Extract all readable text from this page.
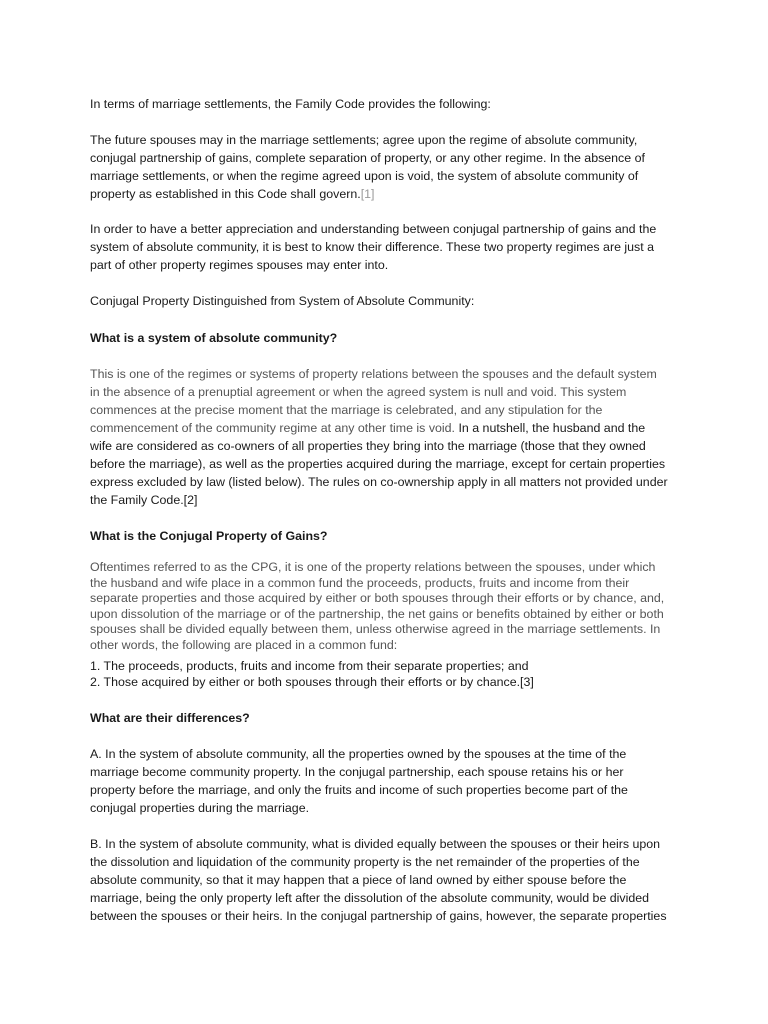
In terms of marriage settlements, the Family Code provides the following:

The future spouses may in the marriage settlements; agree upon the regime of absolute community,
conjugal partnership of gains, complete separation of property, or any other regime. In the absence of
marriage settlements, or when the regime agreed upon is void, the system of absolute community of
property as established in this Code shall govern.[1]

In order to have a better appreciation and understanding between conjugal partnership of gains and the
system of absolute community, it is best to know their difference. These two property regimes are just a
part of other property regimes spouses may enter into.

Conjugal Property Distinguished from System of Absolute Community:

What is a system of absolute community?

This is one of the regimes or systems of property relations between the spouses and the default system
in the absence of a prenuptial agreement or when the agreed system is null and void. This system
commences at the precise moment that the marriage is celebrated, and any stipulation for the
commencement of the community regime at any other time is void. In a nutshell, the husband and the
wife are considered as co-owners of all properties they bring into the marriage (those that they owned
before the marriage), as well as the properties acquired during the marriage, except for certain properties
express excluded by law (listed below). The rules on co-ownership apply in all matters not provided under
the Family Code.[2]

What is the Conjugal Property of Gains?

Oftentimes referred to as the CPG, it is one of the property relations between the spouses, under which
the husband and wife place in a common fund the proceeds, products, fruits and income from their
separate properties and those acquired by either or both spouses through their efforts or by chance, and,
upon dissolution of the marriage or of the partnership, the net gains or benefits obtained by either or both
spouses shall be divided equally between them, unless otherwise agreed in the marriage settlements. In
other words, the following are placed in a common fund:

1. The proceeds, products, fruits and income from their separate properties; and
2. Those acquired by either or both spouses through their efforts or by chance.[3]

What are their differences?

A. In the system of absolute community, all the properties owned by the spouses at the time of the
marriage become community property. In the conjugal partnership, each spouse retains his or her
property before the marriage, and only the fruits and income of such properties become part of the
conjugal properties during the marriage.

B. In the system of absolute community, what is divided equally between the spouses or their heirs upon
the dissolution and liquidation of the community property is the net remainder of the properties of the
absolute community, so that it may happen that a piece of land owned by either spouse before the
marriage, being the only property left after the dissolution of the absolute community, would be divided
between the spouses or their heirs. In the conjugal partnership of gains, however, the separate properties
